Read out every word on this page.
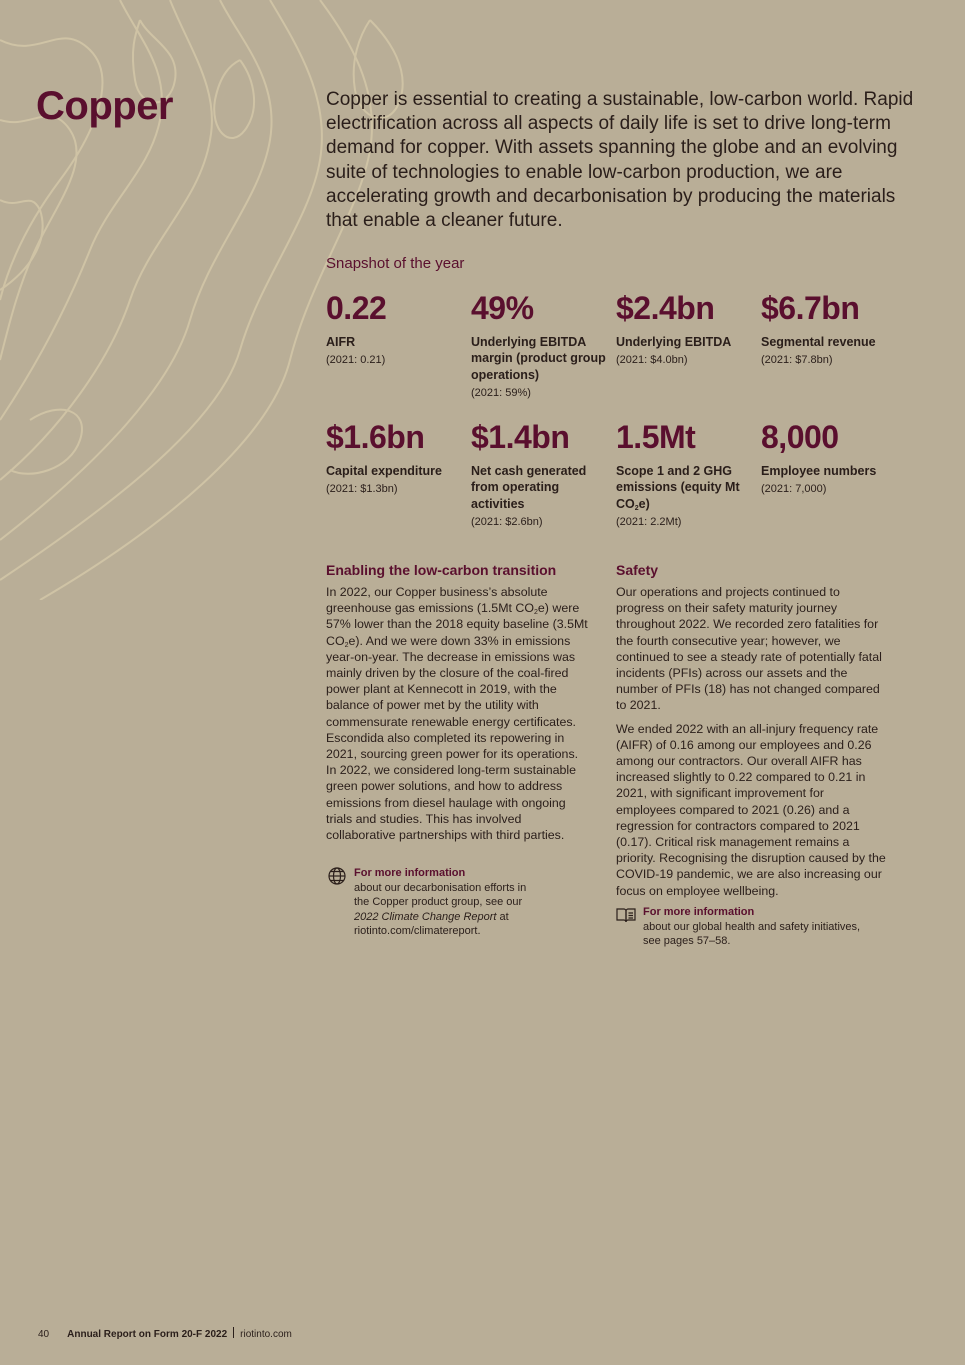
Copper	Copper is essential to creating a sustainable, low-carbon world. Rapid electrification across all aspects of daily life is set to drive long-term demand for copper. With assets spanning the globe and an evolving suite of technologies to enable low-carbon production, we are accelerating growth and decarbonisation by producing the materials that enable a cleaner future.

Snapshot of the year
0.22
AIFR
(2021: 0.21)
49%
Underlying EBITDA margin (product group operations)
(2021: 59%)
$2.4bn
Underlying EBITDA
(2021: $4.0bn)
$6.7bn
Segmental revenue
(2021: $7.8bn)
$1.6bn
Capital expenditure
(2021: $1.3bn)
$1.4bn
Net cash generated from operating activities
(2021: $2.6bn)
1.5Mt
Scope 1 and 2 GHG emissions (equity Mt $CO_2e$)
(2021: 2.2Mt)
8,000
Employee numbers
(2021: 7,000)
Enabling the low-carbon transition

In 2022, our Copper business’s absolute greenhouse gas emissions (1.5Mt $CO_2e$) were 57% lower than the 2018 equity baseline (3.5Mt $CO_2e$). And we were down 33% in emissions year-on-year. The decrease in emissions was mainly driven by the closure of the coal-fired power plant at Kennecott in 2019, with the balance of power met by the utility with commensurate renewable energy certificates. Escondida also completed its repowering in 2021, sourcing green power for its operations. In 2022, we considered long-term sustainable green power solutions, and how to address emissions from diesel haulage with ongoing trials and studies. This has involved collaborative partnerships with third parties.

For more information
about our decarbonisation efforts in the Copper product group, see our 2022 Climate Change Report at riotinto.com/climatereport.
Safety

Our operations and projects continued to progress on their safety maturity journey throughout 2022. We recorded zero fatalities for the fourth consecutive year; however, we continued to see a steady rate of potentially fatal incidents (PFIs) across our assets and the number of PFIs (18) has not changed compared to 2021.

We ended 2022 with an all-injury frequency rate (AIFR) of 0.16 among our employees and 0.26 among our contractors. Our overall AIFR has increased slightly to 0.22 compared to 0.21 in 2021, with significant improvement for employees compared to 2021 (0.26) and a regression for contractors compared to 2021 (0.17). Critical risk management remains a priority. Recognising the disruption caused by the COVID-19 pandemic, we are also increasing our focus on employee wellbeing.

For more information
about our global health and safety initiatives, see pages 57–58.
40 Annual Report on Form 20-F 2022 riotinto.com
